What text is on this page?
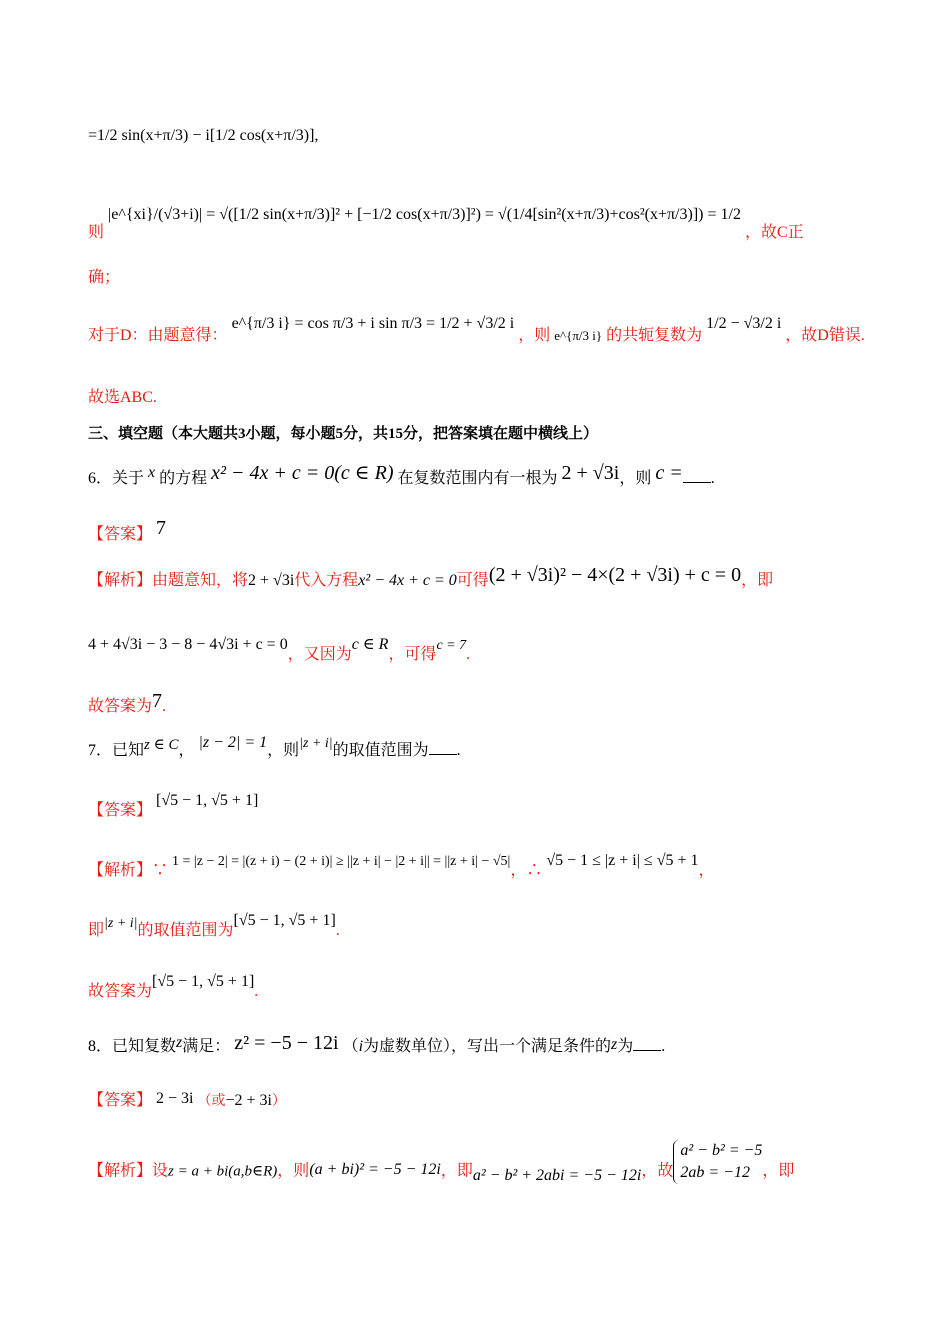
=1/2 sin(x+π/3) − i[1/2 cos(x+π/3)],
则 |e^{xi}/(√3+i)| = √([1/2 sin(x+π/3)]² + [−1/2 cos(x+π/3)]²) = √(1/4[sin²(x+π/3)+cos²(x+π/3)]) = 1/2 ，故C正
确；
对于D：由题意得： e^{π/3 i} = cos π/3 + i sin π/3 = 1/2 + √3/2 i ，则 e^{π/3 i} 的共轭复数为 1/2 − √3/2 i ，故D错误.
故选ABC.
三、填空题（本大题共3小题，每小题5分，共15分，把答案填在题中横线上）
6．关于 x 的方程 x² − 4x + c = 0(c ∈ R) 在复数范围内有一根为 2 + √3i，则 c = .
【答案】 7
【解析】由题意知，将2 + √3i代入方程x² − 4x + c = 0可得(2 + √3i)² − 4×(2 + √3i) + c = 0，即
4 + 4√3i − 3 − 8 − 4√3i + c = 0，又因为c ∈ R，可得c = 7.
故答案为7.
7．已知z ∈ C， |z − 2| = 1，则|z + i|的取值范围为 .
【答案】 [√5 − 1, √5 + 1]
【解析】∵ 1 = |z − 2| = |(z + i) − (2 + i)| ≥ ||z + i| − |2 + i|| = ||z + i| − √5|，∴ √5 − 1 ≤ |z + i| ≤ √5 + 1，
即|z + i|的取值范围为[√5 − 1, √5 + 1].
故答案为[√5 − 1, √5 + 1].
8．已知复数z满足： z² = −5 − 12i （i为虚数单位），写出一个满足条件的z为 .
【答案】 2 − 3i （或−2 + 3i）
【解析】设z = a + bi(a,b∈R)，则(a + bi)² = −5 − 12i，即a² − b² + 2abi = −5 − 12i，故
a² − b² = −5
2ab = −12 ，即
